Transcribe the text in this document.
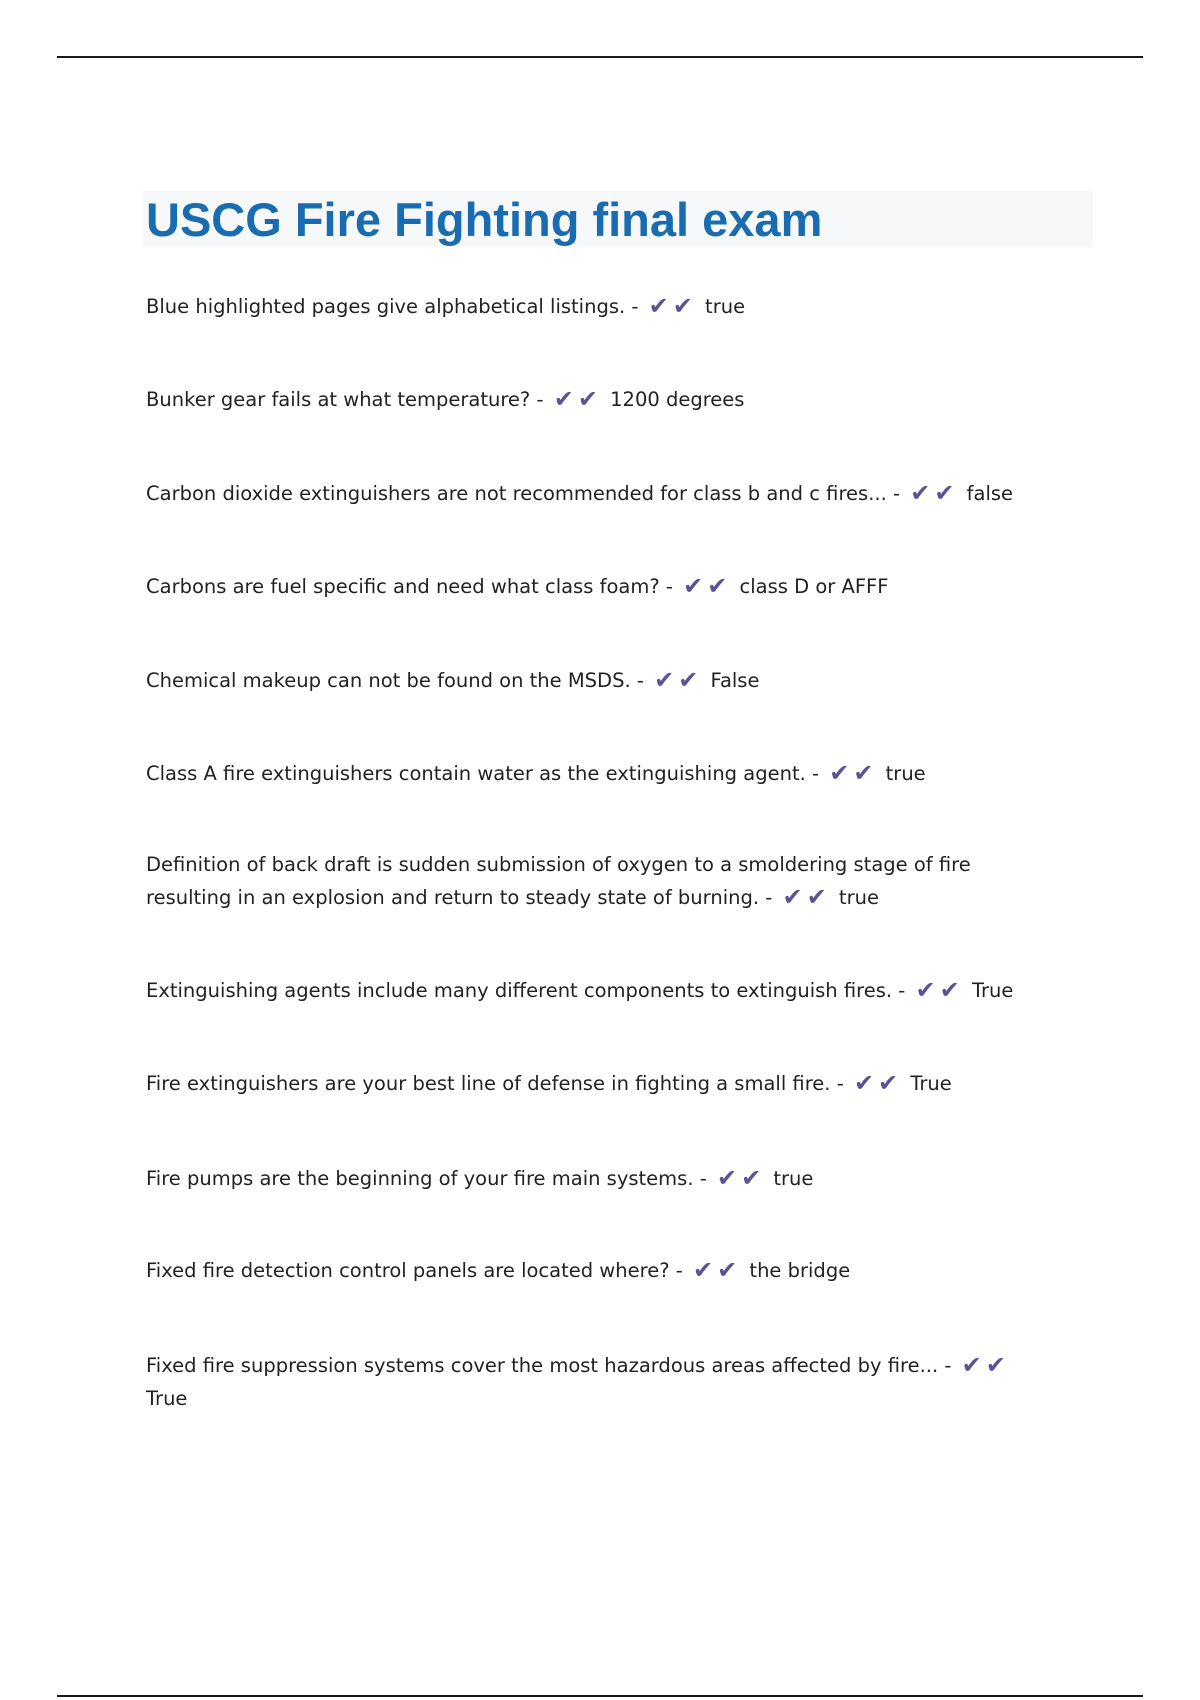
USCG Fire Fighting final exam
Blue highlighted pages give alphabetical listings. - ✔✔ true
Bunker gear fails at what temperature? - ✔✔ 1200 degrees
Carbon dioxide extinguishers are not recommended for class b and c fires... - ✔✔ false
Carbons are fuel specific and need what class foam? - ✔✔ class D or AFFF
Chemical makeup can not be found on the MSDS. - ✔✔ False
Class A fire extinguishers contain water as the extinguishing agent. - ✔✔ true
Definition of back draft is sudden submission of oxygen to a smoldering stage of fire resulting in an explosion and return to steady state of burning. - ✔✔ true
Extinguishing agents include many different components to extinguish fires. - ✔✔ True
Fire extinguishers are your best line of defense in fighting a small fire. - ✔✔ True
Fire pumps are the beginning of your fire main systems. - ✔✔ true
Fixed fire detection control panels are located where? - ✔✔ the bridge
Fixed fire suppression systems cover the most hazardous areas affected by fire... - ✔✔ True
